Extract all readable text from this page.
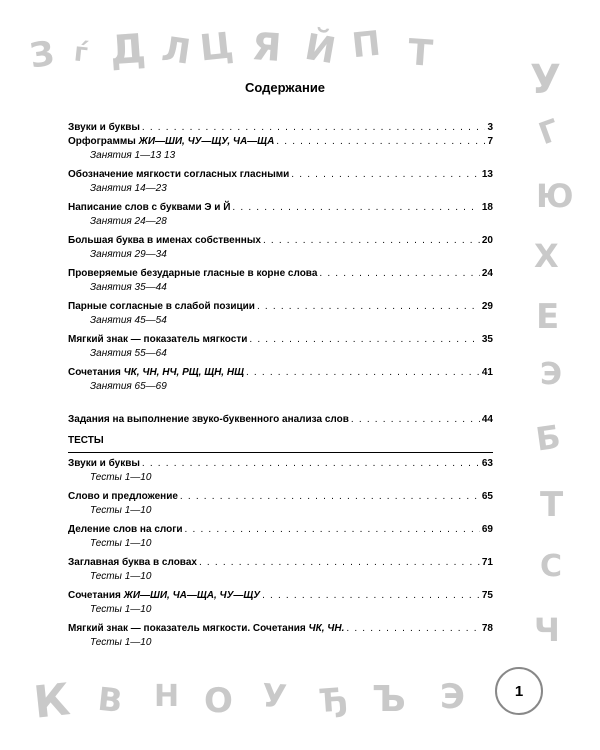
З ѓ Д Л Ц Я Й П Т
У
Г
Ю
Х
Е
Э
Б
Т
С
Ч
К В Н О У Ђ Ъ Э
Содержание
Звуки и буквы . . .	3
Орфограммы ЖИ—ШИ, ЧУ—ЩУ, ЧА—ЩА . . .	7
Занятия 1—13 13
Обозначение мягкости согласных гласными . . .	13
Занятия 14—23
Написание слов с буквами Э и Й . . .	18
Занятия 24—28
Большая буква в именах собственных . . .	20
Занятия 29—34
Проверяемые безударные гласные в корне слова . . .	24
Занятия 35—44
Парные согласные в слабой позиции . . .	29
Занятия 45—54
Мягкий знак — показатель мягкости . . .	35
Занятия 55—64
Сочетания ЧК, ЧН, НЧ, РЩ, ЩН, НЩ . . .	41
Занятия 65—69
Задания на выполнение звуко-буквенного анализа слов . . .	44
ТЕСТЫ
Звуки и буквы . . .	63
Тесты 1—10
Слово и предложение . . .	65
Тесты 1—10
Деление слов на слоги . . .	69
Тесты 1—10
Заглавная буква в словах . . .	71
Тесты 1—10
Сочетания ЖИ—ШИ, ЧА—ЩА, ЧУ—ЩУ . . .	75
Тесты 1—10
Мягкий знак — показатель мягкости. Сочетания ЧК, ЧН. . . .	78
Тесты 1—10
1
